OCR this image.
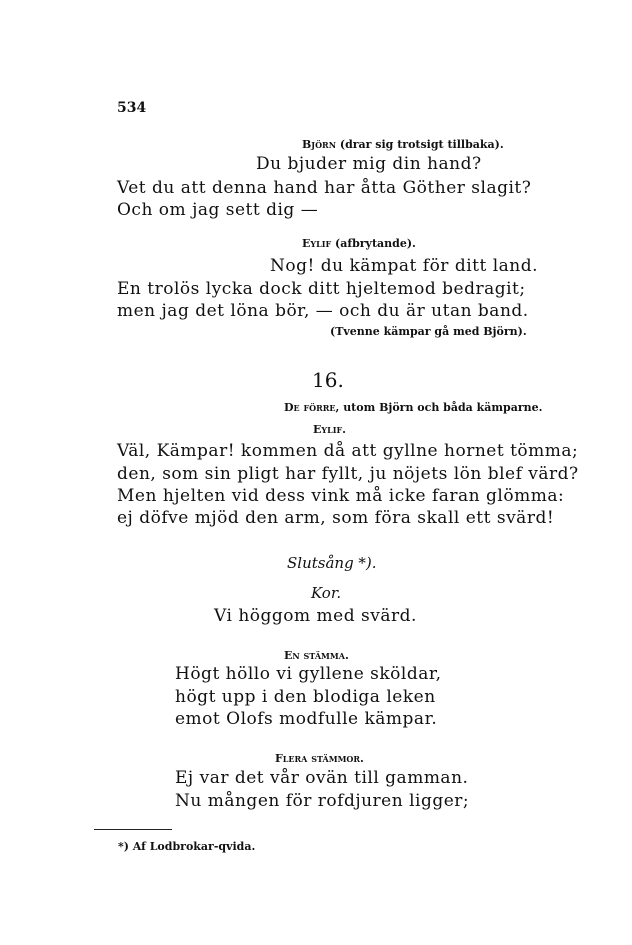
534
Björn (drar sig trotsigt tillbaka).
Du bjuder mig din hand?
Vet du att denna hand har åtta Göther slagit?
Och om jag sett dig —
Eylif (afbrytande).
Nog! du kämpat för ditt land.
En trolös lycka dock ditt hjeltemod bedragit;
men jag det löna bör, — och du är utan band.
(Tvenne kämpar gå med Björn).
16.
De förre, utom Björn och båda kämparne.
Eylif.
Väl, Kämpar! kommen då att gyllne hornet tömma;
den, som sin pligt har fyllt, ju nöjets lön blef värd?
Men hjelten vid dess vink må icke faran glömma:
ej döfve mjöd den arm, som föra skall ett svärd!
Slutsång *).
Kor.
Vi höggom med svärd.
En stämma.
Högt höllo vi gyllene sköldar,
högt upp i den blodiga leken
emot Olofs modfulle kämpar.
Flera stämmor.
Ej var det vår ovän till gamman.
Nu mången för rofdjuren ligger;
*) Af Lodbrokar-qvida.
